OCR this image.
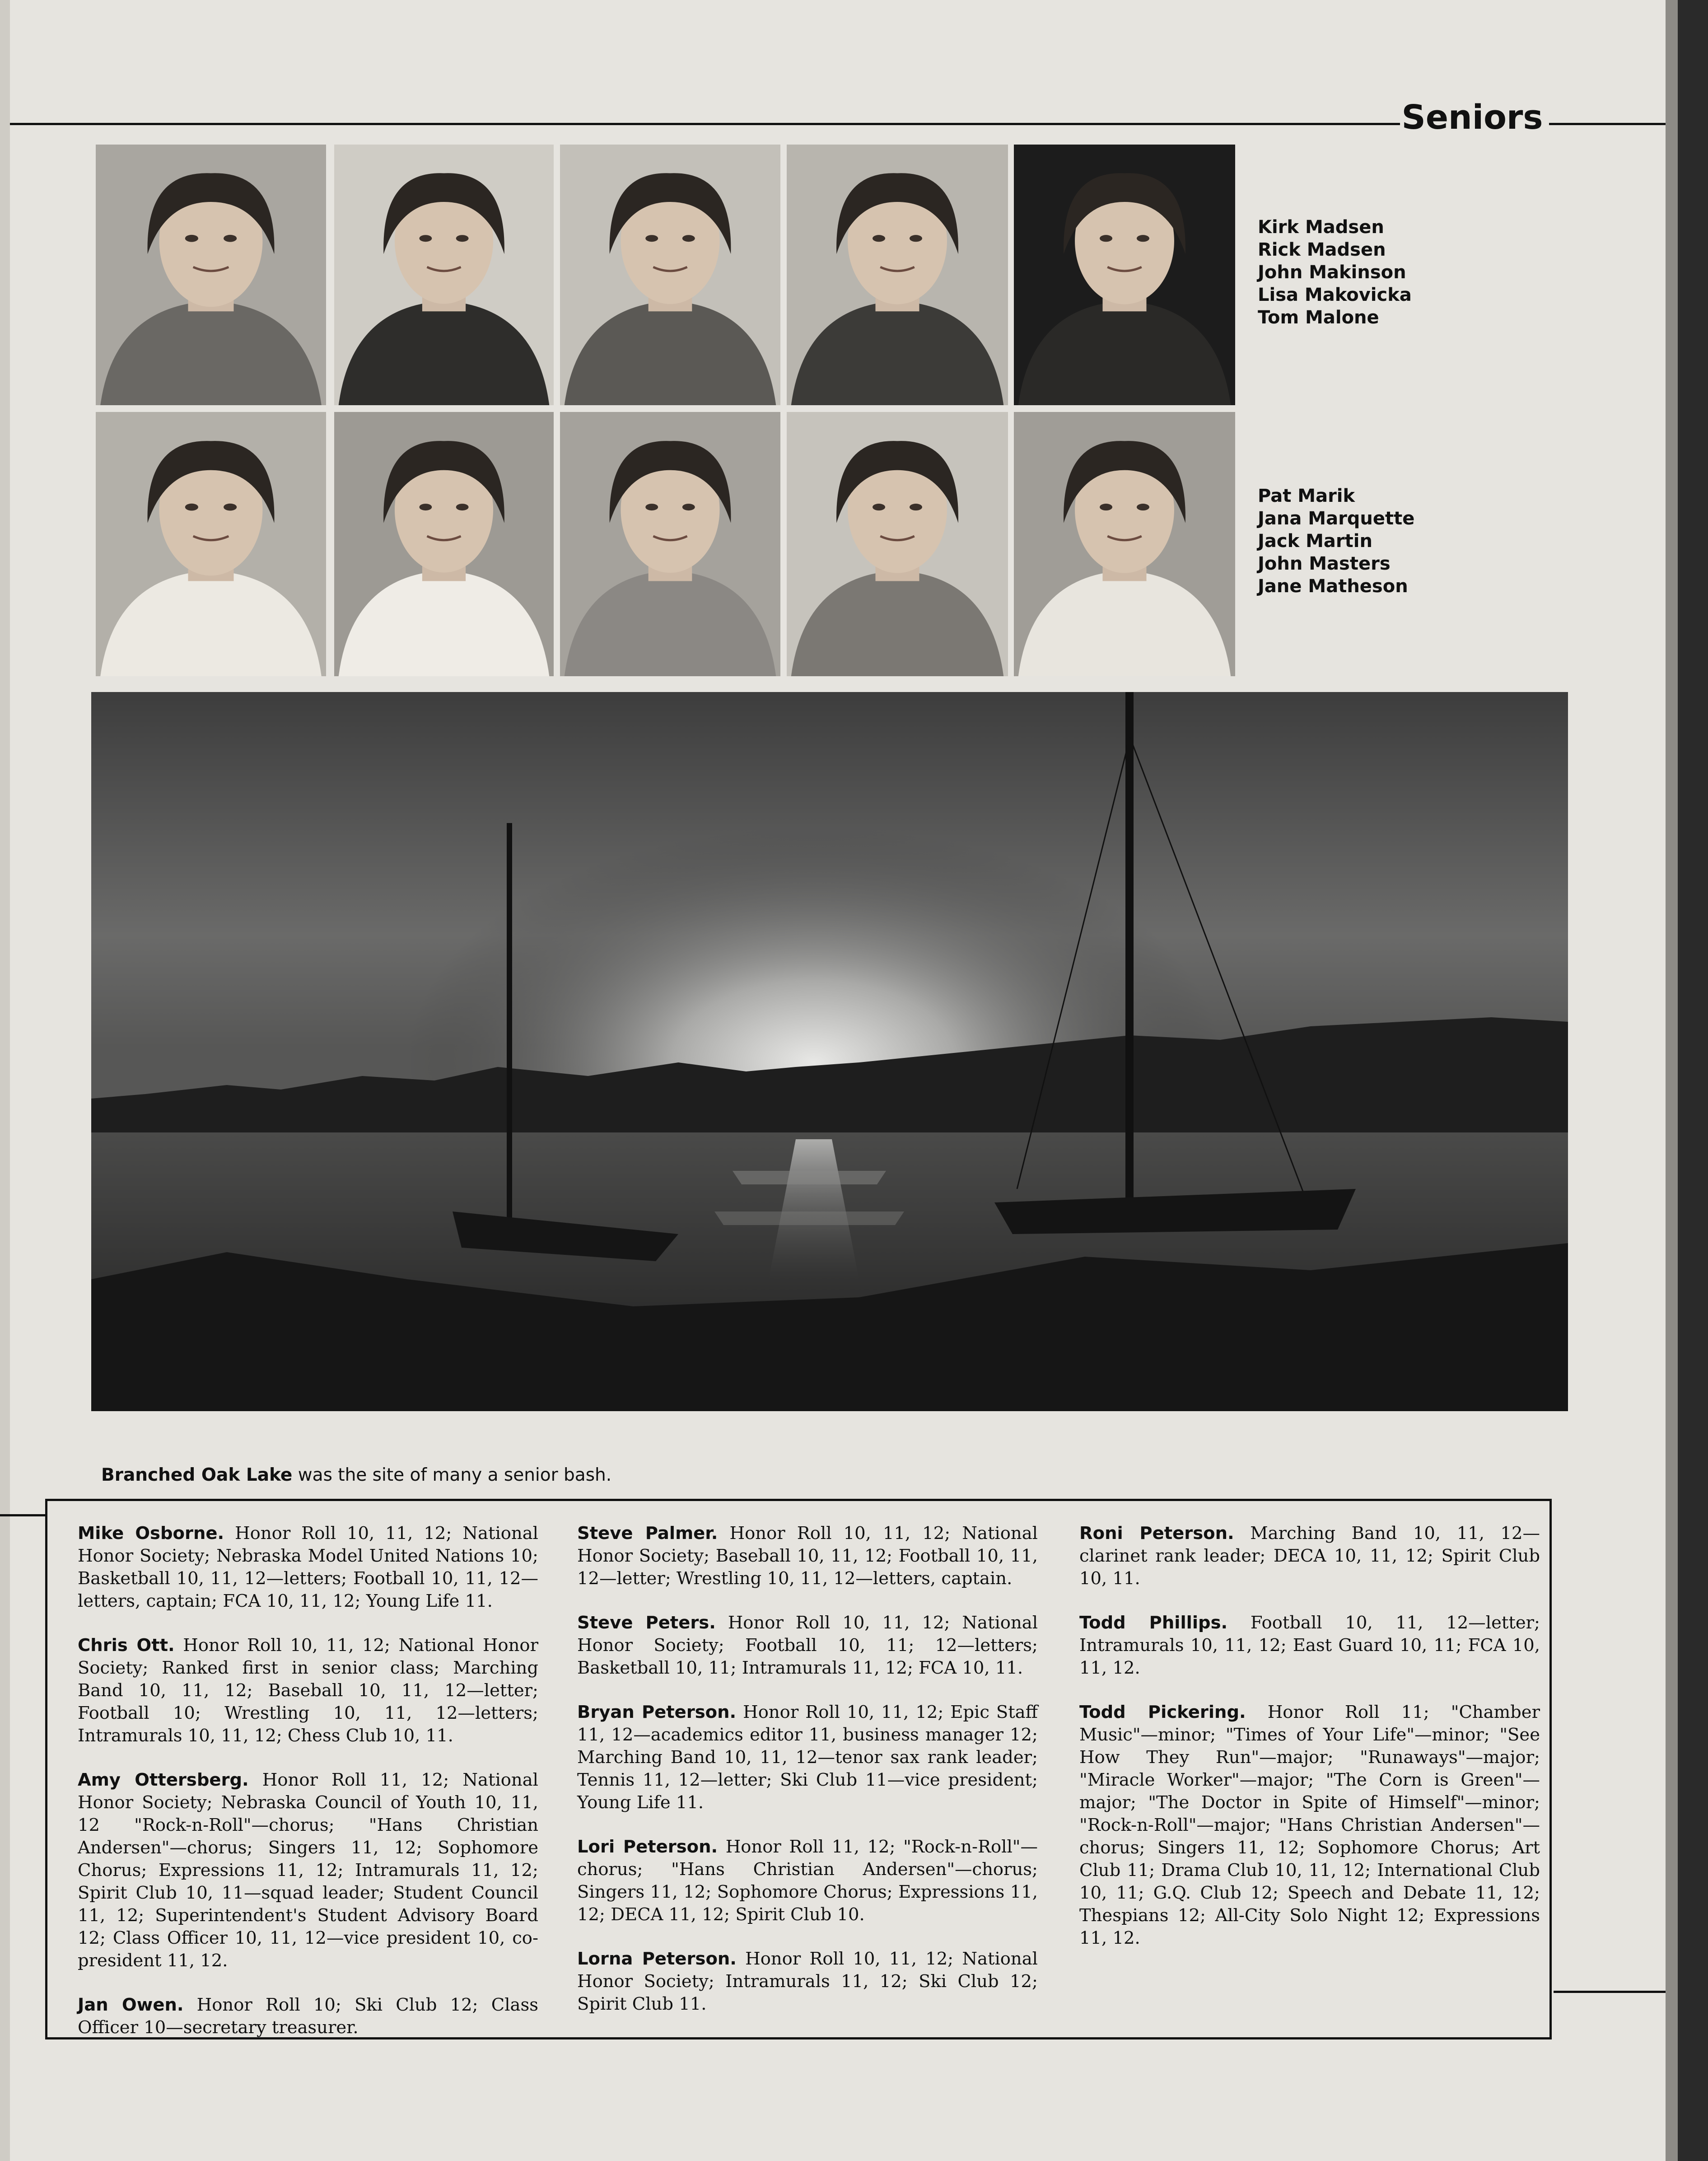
Seniors
Kirk Madsen
Rick Madsen
John Makinson
Lisa Makovicka
Tom Malone
Pat Marik
Jana Marquette
Jack Martin
John Masters
Jane Matheson
Branched Oak Lake was the site of many a senior bash.

Mike Osborne. Honor Roll 10, 11, 12; National Honor Society; Nebraska Model United Nations 10; Basketball 10, 11, 12—letters; Football 10, 11, 12—letters, captain; FCA 10, 11, 12; Young Life 11.

Chris Ott. Honor Roll 10, 11, 12; National Honor Society; Ranked first in senior class; Marching Band 10, 11, 12; Baseball 10, 11, 12—letter; Football 10; Wrestling 10, 11, 12—letters; Intramurals 10, 11, 12; Chess Club 10, 11.

Amy Ottersberg. Honor Roll 11, 12; National Honor Society; Nebraska Council of Youth 10, 11, 12 "Rock-n-Roll"—chorus; "Hans Christian Andersen"—chorus; Singers 11, 12; Sophomore Chorus; Expressions 11, 12; Intramurals 11, 12; Spirit Club 10, 11—squad leader; Student Council 11, 12; Superintendent's Student Advisory Board 12; Class Officer 10, 11, 12—vice president 10, co-president 11, 12.

Jan Owen. Honor Roll 10; Ski Club 12; Class Officer 10—secretary treasurer.

Steve Palmer. Honor Roll 10, 11, 12; National Honor Society; Baseball 10, 11, 12; Football 10, 11, 12—letter; Wrestling 10, 11, 12—letters, captain.

Steve Peters. Honor Roll 10, 11, 12; National Honor Society; Football 10, 11; 12—letters; Basketball 10, 11; Intramurals 11, 12; FCA 10, 11.

Bryan Peterson. Honor Roll 10, 11, 12; Epic Staff 11, 12—academics editor 11, business manager 12; Marching Band 10, 11, 12—tenor sax rank leader; Tennis 11, 12—letter; Ski Club 11—vice president; Young Life 11.

Lori Peterson. Honor Roll 11, 12; "Rock-n-Roll"—chorus; "Hans Christian Andersen"—chorus; Singers 11, 12; Sophomore Chorus; Expressions 11, 12; DECA 11, 12; Spirit Club 10.

Lorna Peterson. Honor Roll 10, 11, 12; National Honor Society; Intramurals 11, 12; Ski Club 12; Spirit Club 11.

Roni Peterson. Marching Band 10, 11, 12—clarinet rank leader; DECA 10, 11, 12; Spirit Club 10, 11.

Todd Phillips. Football 10, 11, 12—letter; Intramurals 10, 11, 12; East Guard 10, 11; FCA 10, 11, 12.

Todd Pickering. Honor Roll 11; "Chamber Music"—minor; "Times of Your Life"—minor; "See How They Run"—major; "Runaways"—major; "Miracle Worker"—major; "The Corn is Green"—major; "The Doctor in Spite of Himself"—minor; "Rock-n-Roll"—major; "Hans Christian Andersen"—chorus; Singers 11, 12; Sophomore Chorus; Art Club 11; Drama Club 10, 11, 12; International Club 10, 11; G.Q. Club 12; Speech and Debate 11, 12; Thespians 12; All-City Solo Night 12; Expressions 11, 12.
